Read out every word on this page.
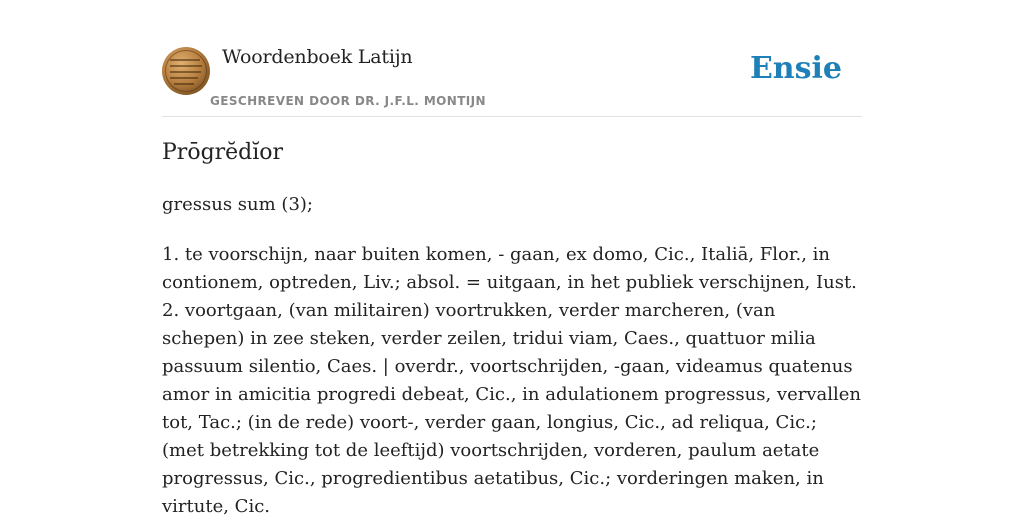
Woordenboek Latijn
GESCHREVEN DOOR DR. J.F.L. MONTIJN
Ensie
Prōgrĕdĭor

gressus sum (3);

1. te voorschijn, naar buiten komen, - gaan, ex domo, Cic., Italiā, Flor., in contionem, optreden, Liv.; absol. = uitgaan, in het publiek verschijnen, Iust.

2. voortgaan, (van militairen) voortrukken, verder marcheren, (van schepen) in zee steken, verder zeilen, tridui viam, Caes., quattuor milia passuum silentio, Caes. | overdr., voortschrijden, -gaan, videamus quatenus amor in amicitia progredi debeat, Cic., in adulationem progressus, vervallen tot, Tac.; (in de rede) voort-, verder gaan, longius, Cic., ad reliqua, Cic.; (met betrekking tot de leeftijd) voortschrijden, vorderen, paulum aetate progressus, Cic., progredientibus aetatibus, Cic.; vorderingen maken, in virtute, Cic.
